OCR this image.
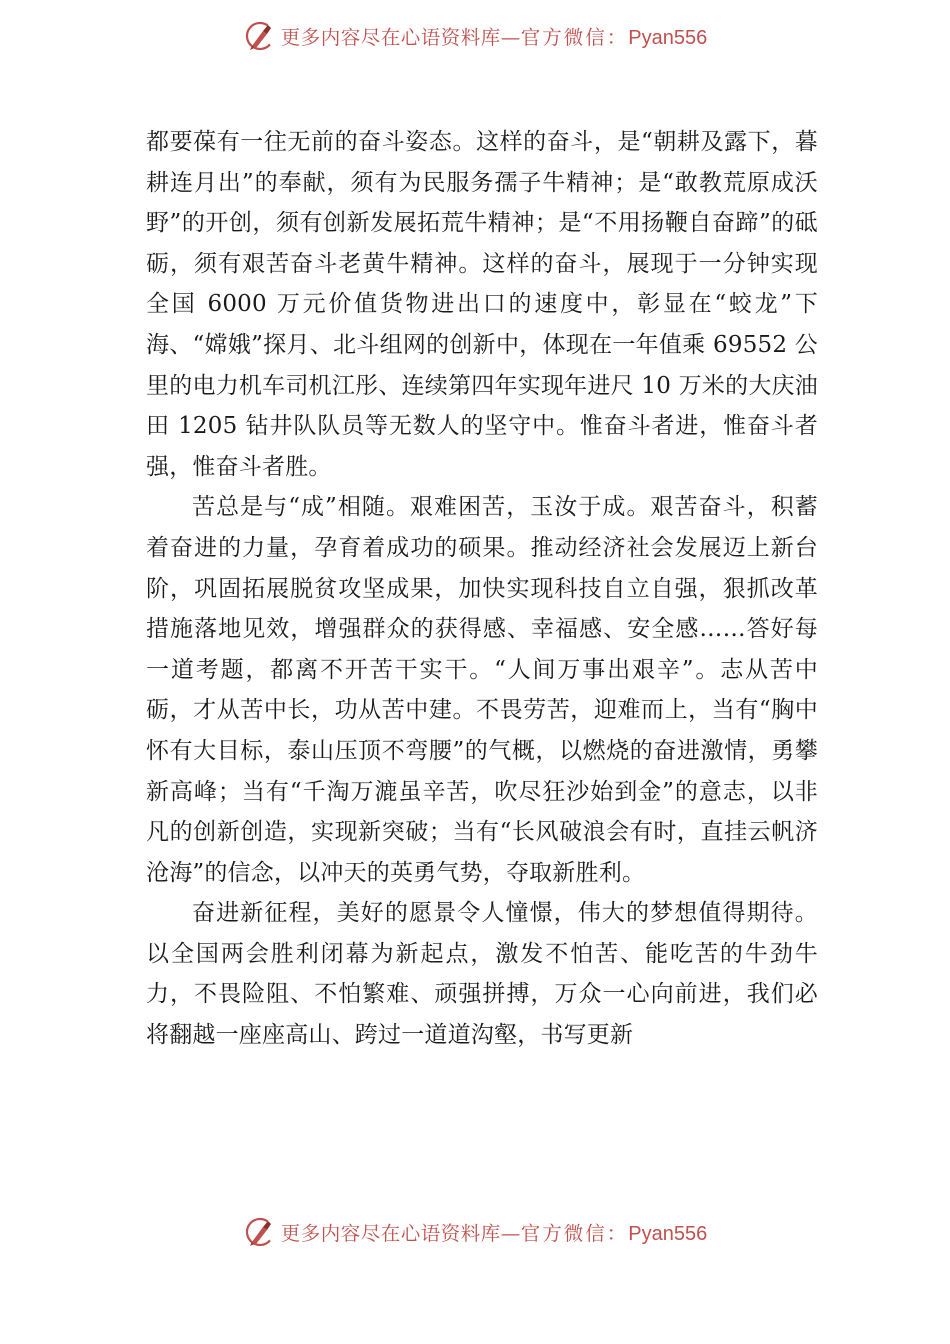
更多内容尽在心语资料库—官方微信：Pyan556

都要葆有一往无前的奋斗姿态。这样的奋斗，是“朝耕及露下，暮耕连月出”的奉献，须有为民服务孺子牛精神；是“敢教荒原成沃野”的开创，须有创新发展拓荒牛精神；是“不用扬鞭自奋蹄”的砥砺，须有艰苦奋斗老黄牛精神。这样的奋斗，展现于一分钟实现全国 6000 万元价值货物进出口的速度中，彰显在“蛟龙”下海、“嫦娥”探月、北斗组网的创新中，体现在一年值乘 69552 公里的电力机车司机江彤、连续第四年实现年进尺 10 万米的大庆油田 1205 钻井队队员等无数人的坚守中。惟奋斗者进，惟奋斗者强，惟奋斗者胜。

苦总是与“成”相随。艰难困苦，玉汝于成。艰苦奋斗，积蓄着奋进的力量，孕育着成功的硕果。推动经济社会发展迈上新台阶，巩固拓展脱贫攻坚成果，加快实现科技自立自强，狠抓改革措施落地见效，增强群众的获得感、幸福感、安全感……答好每一道考题，都离不开苦干实干。“人间万事出艰辛”。志从苦中砺，才从苦中长，功从苦中建。不畏劳苦，迎难而上，当有“胸中怀有大目标，泰山压顶不弯腰”的气概，以燃烧的奋进激情，勇攀新高峰；当有“千淘万漉虽辛苦，吹尽狂沙始到金”的意志，以非凡的创新创造，实现新突破；当有“长风破浪会有时，直挂云帆济沧海”的信念，以冲天的英勇气势，夺取新胜利。

奋进新征程，美好的愿景令人憧憬，伟大的梦想值得期待。以全国两会胜利闭幕为新起点，激发不怕苦、能吃苦的牛劲牛力，不畏险阻、不怕繁难、顽强拼搏，万众一心向前进，我们必将翻越一座座高山、跨过一道道沟壑，书写更新

更多内容尽在心语资料库—官方微信：Pyan556
